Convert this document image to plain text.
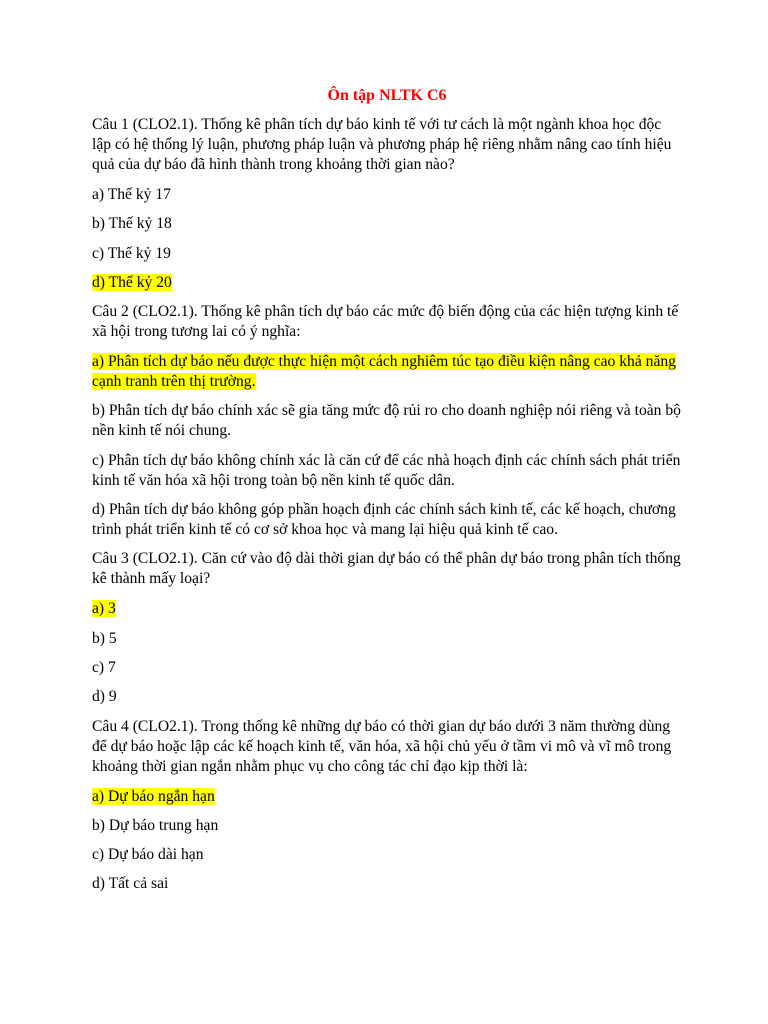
Ôn tập NLTK C6
Câu 1 (CLO2.1). Thống kê phân tích dự báo kinh tế với tư cách là một ngành khoa học độc lập có hệ thống lý luận, phương pháp luận và phương pháp hệ riêng nhằm nâng cao tính hiệu quả của dự báo đã hình thành trong khoảng thời gian nào?
a) Thế kỷ 17
b) Thế kỷ 18
c) Thế kỷ 19
d) Thế kỷ 20
Câu 2 (CLO2.1). Thống kê phân tích dự báo các mức độ biến động của các hiện tượng kinh tế xã hội trong tương lai có ý nghĩa:
a) Phân tích dự báo nếu được thực hiện một cách nghiêm túc tạo điều kiện nâng cao khả năng cạnh tranh trên thị trường.
b) Phân tích dự báo chính xác sẽ gia tăng mức độ rủi ro cho doanh nghiệp nói riêng và toàn bộ nền kinh tế nói chung.
c) Phân tích dự báo không chính xác là căn cứ để các nhà hoạch định các chính sách phát triển kinh tế văn hóa xã hội trong toàn bộ nền kinh tế quốc dân.
d) Phân tích dự báo không góp phần hoạch định các chính sách kinh tế, các kế hoạch, chương trình phát triển kinh tế có cơ sở khoa học và mang lại hiệu quả kinh tế cao.
Câu 3 (CLO2.1). Căn cứ vào độ dài thời gian dự báo có thể phân dự báo trong phân tích thống kê thành mấy loại?
a) 3
b) 5
c) 7
d) 9
Câu 4 (CLO2.1). Trong thống kê những dự báo có thời gian dự báo dưới 3 năm thường dùng để dự báo hoặc lập các kế hoạch kinh tế, văn hóa, xã hội chủ yếu ở tầm vi mô và vĩ mô trong khoảng thời gian ngắn nhằm phục vụ cho công tác chỉ đạo kịp thời là:
a) Dự báo ngắn hạn
b) Dự báo trung hạn
c) Dự báo dài hạn
d) Tất cả sai
